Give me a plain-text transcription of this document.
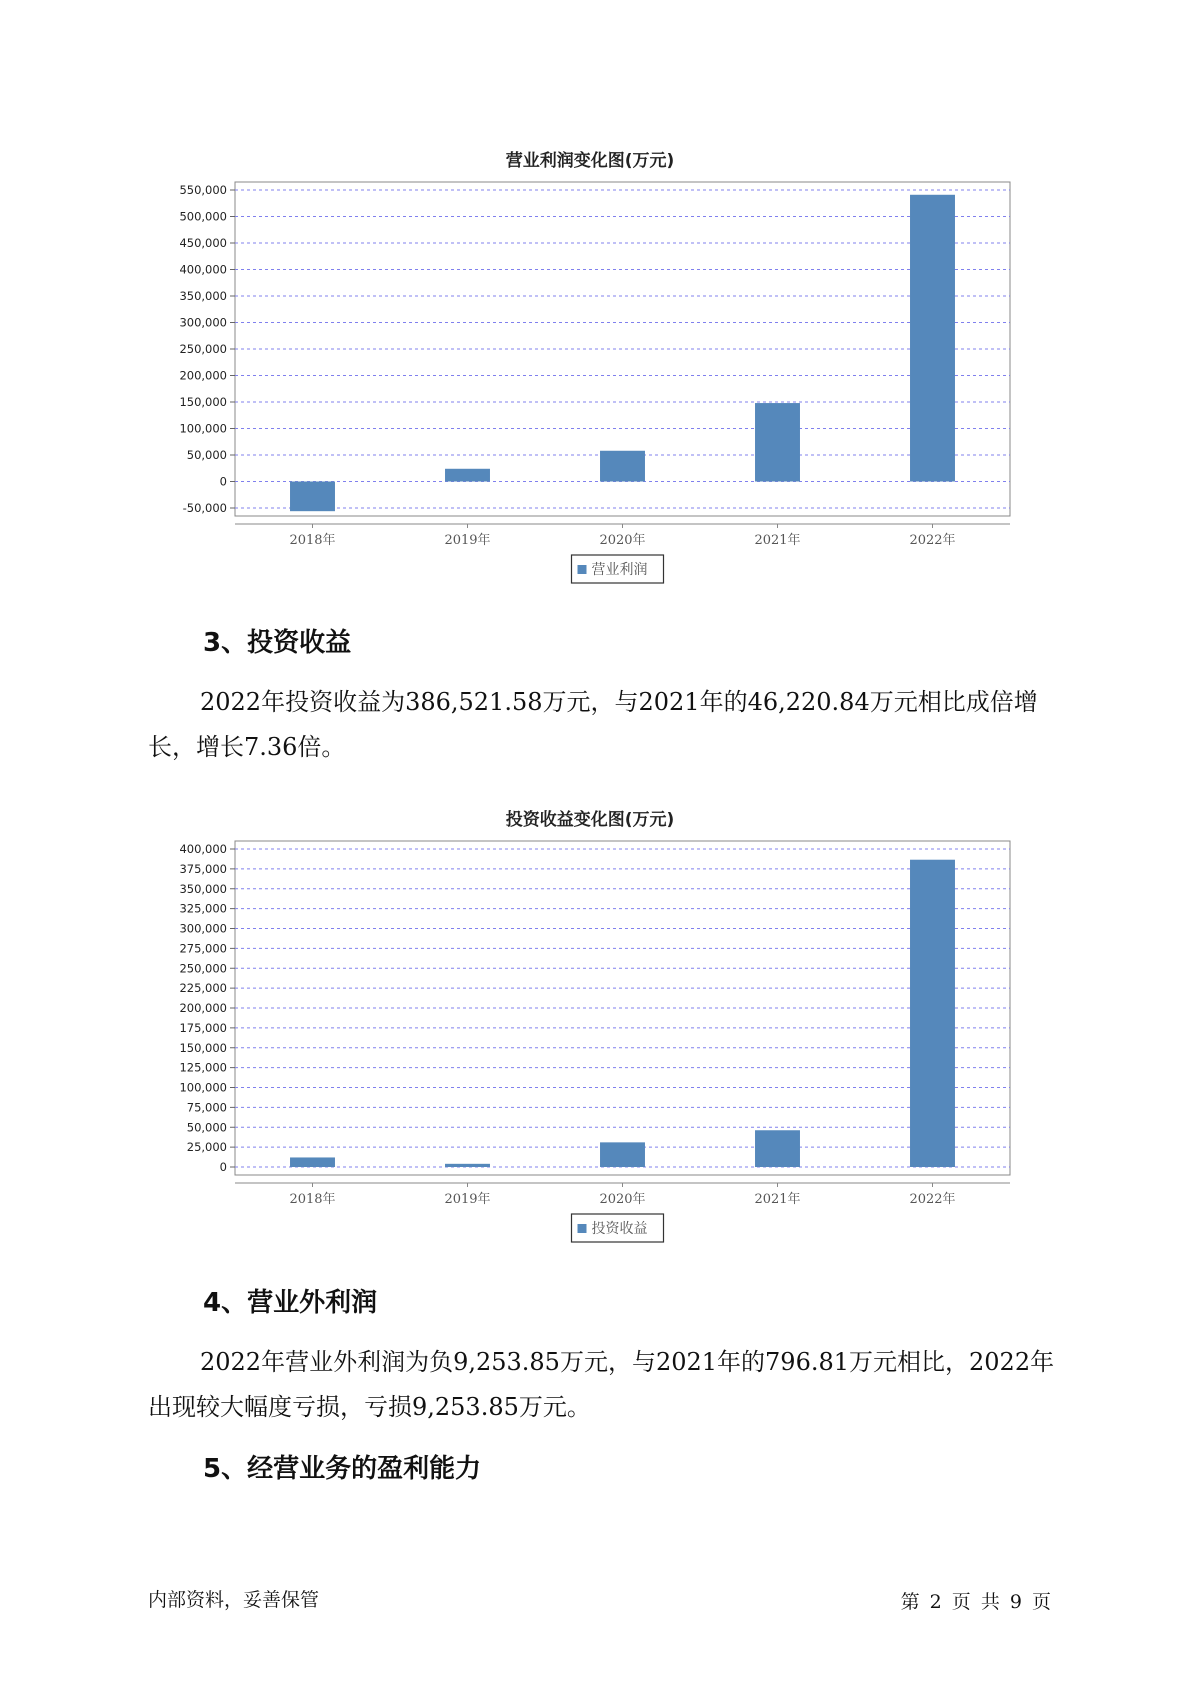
营业利润变化图(万元)
-50,000
0
50,000
100,000
150,000
200,000
250,000
300,000
350,000
400,000
450,000
500,000
550,000
2018年	2019年	2020年	2021年	2022年
营业利润
3、投资收益

2022年投资收益为386,521.58万元，与2021年的46,220.84万元相比成倍增长，增长7.36倍。

投资收益变化图(万元)
0
25,000
50,000
75,000
100,000
125,000
150,000
175,000
200,000
225,000
250,000
275,000
300,000
325,000
350,000
375,000
400,000
2018年	2019年	2020年	2021年	2022年
投资收益
4、营业外利润

2022年营业外利润为负9,253.85万元，与2021年的796.81万元相比，2022年出现较大幅度亏损，亏损9,253.85万元。

5、经营业务的盈利能力
内部资料，妥善保管	第 2 页 共 9 页
